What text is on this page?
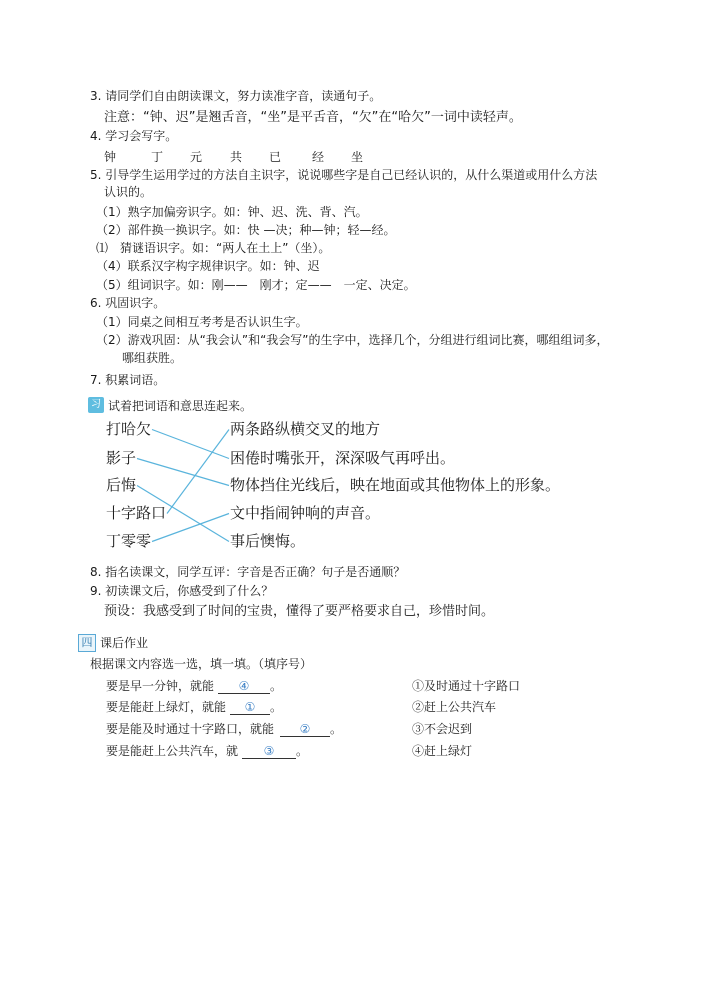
3. 请同学们自由朗读课文，努力读准字音，读通句子。
注意：“钟、迟”是翘舌音，“坐”是平舌音，“欠”在“哈欠”一词中读轻声。
4. 学习会写字。
钟	丁 元 共 已	经 坐
5. 引导学生运用学过的方法自主识字，说说哪些字是自己已经认识的，从什么渠道或用什么方法
认识的。
（1）熟字加偏旁识字。如：钟、迟、洗、背、汽。
（2）部件换一换识字。如：快 —决；种—钟；轻—经。
⑴　猜谜语识字。如：“两人在土上”（坐）。
（4）联系汉字构字规律识字。如：钟、迟
（5）组词识字。如：刚——　刚才；定——　一定、决定。
6. 巩固识字。
（1）同桌之间相互考考是否认识生字。
（2）游戏巩固：从“我会认”和“我会写”的生字中，选择几个，分组进行组词比赛，哪组组词多，
哪组获胜。
7. 积累词语。
习 试着把词语和意思连起来。
打哈欠
影子
后悔
十字路口
丁零零
两条路纵横交叉的地方
困倦时嘴张开，深深吸气再呼出。
物体挡住光线后，映在地面或其他物体上的形象。
文中指闹钟响的声音。
事后懊悔。
8. 指名读课文，同学互评：字音是否正确？句子是否通顺？
9. 初读课文后，你感受到了什么？
预设：我感受到了时间的宝贵，懂得了要严格要求自己，珍惜时间。
四 课后作业
根据课文内容选一选，填一填。（填序号）
要是早一分钟，就能 ④ 。	①及时通过十字路口
要是能赶上绿灯，就能 ① 。	②赶上公共汽车
要是能及时通过十字路口，就能 ② 。	③不会迟到
要是能赶上公共汽车，就 ③ 。	④赶上绿灯
